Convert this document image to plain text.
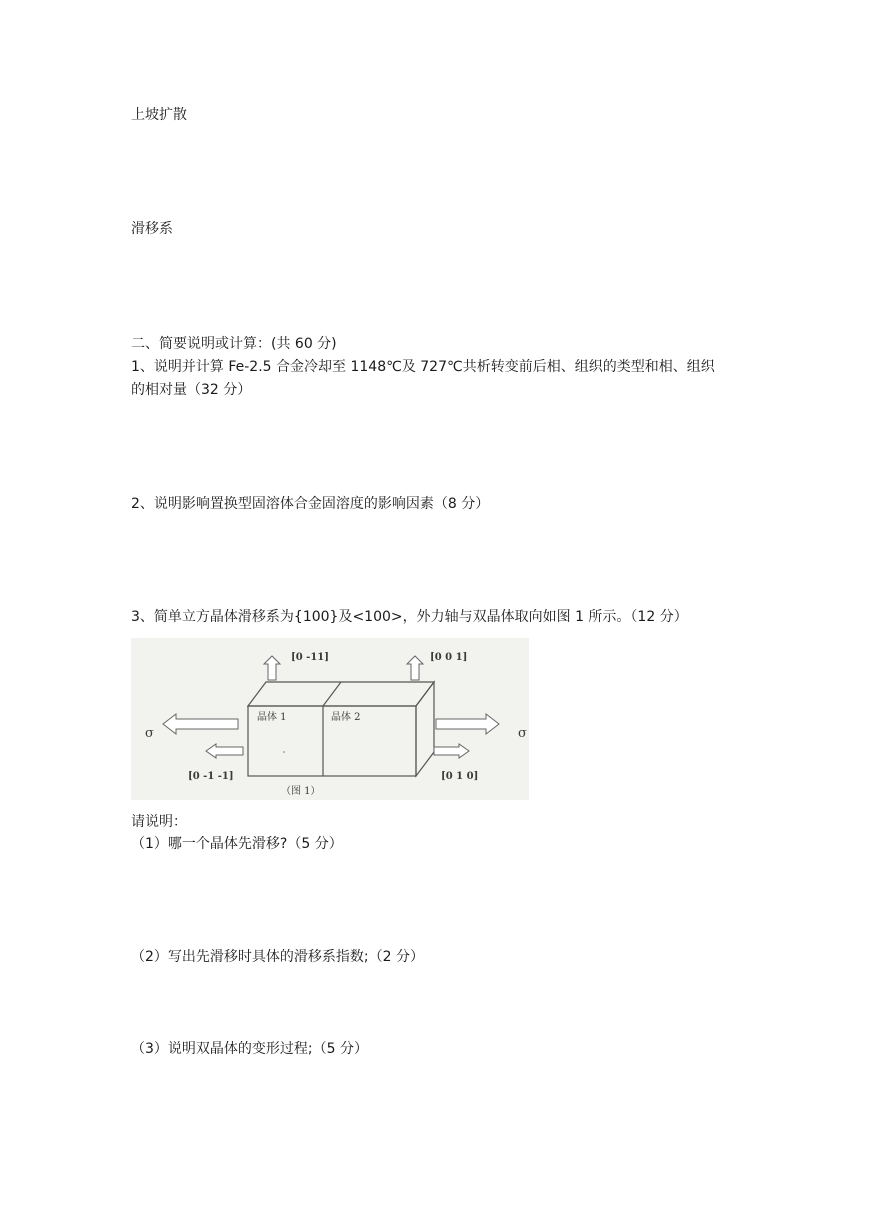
上坡扩散
滑移系
二、简要说明或计算：(共 60 分)
1、说明并计算 Fe-2.5 合金冷却至 1148℃及 727℃共析转变前后相、组织的类型和相、组织
的相对量（32 分）
2、说明影响置换型固溶体合金固溶度的影响因素（8 分）
3、简单立方晶体滑移系为{100}及<100>，外力轴与双晶体取向如图 1 所示。（12 分）
晶体 1	晶体 2
[0 -11]	[0 0 1]
σ
[0 -1 -1]
σ
[0 1 0]
（图 1）
请说明：
（1）哪一个晶体先滑移?（5 分）
（2）写出先滑移时具体的滑移系指数;（2 分）
（3）说明双晶体的变形过程;（5 分）
